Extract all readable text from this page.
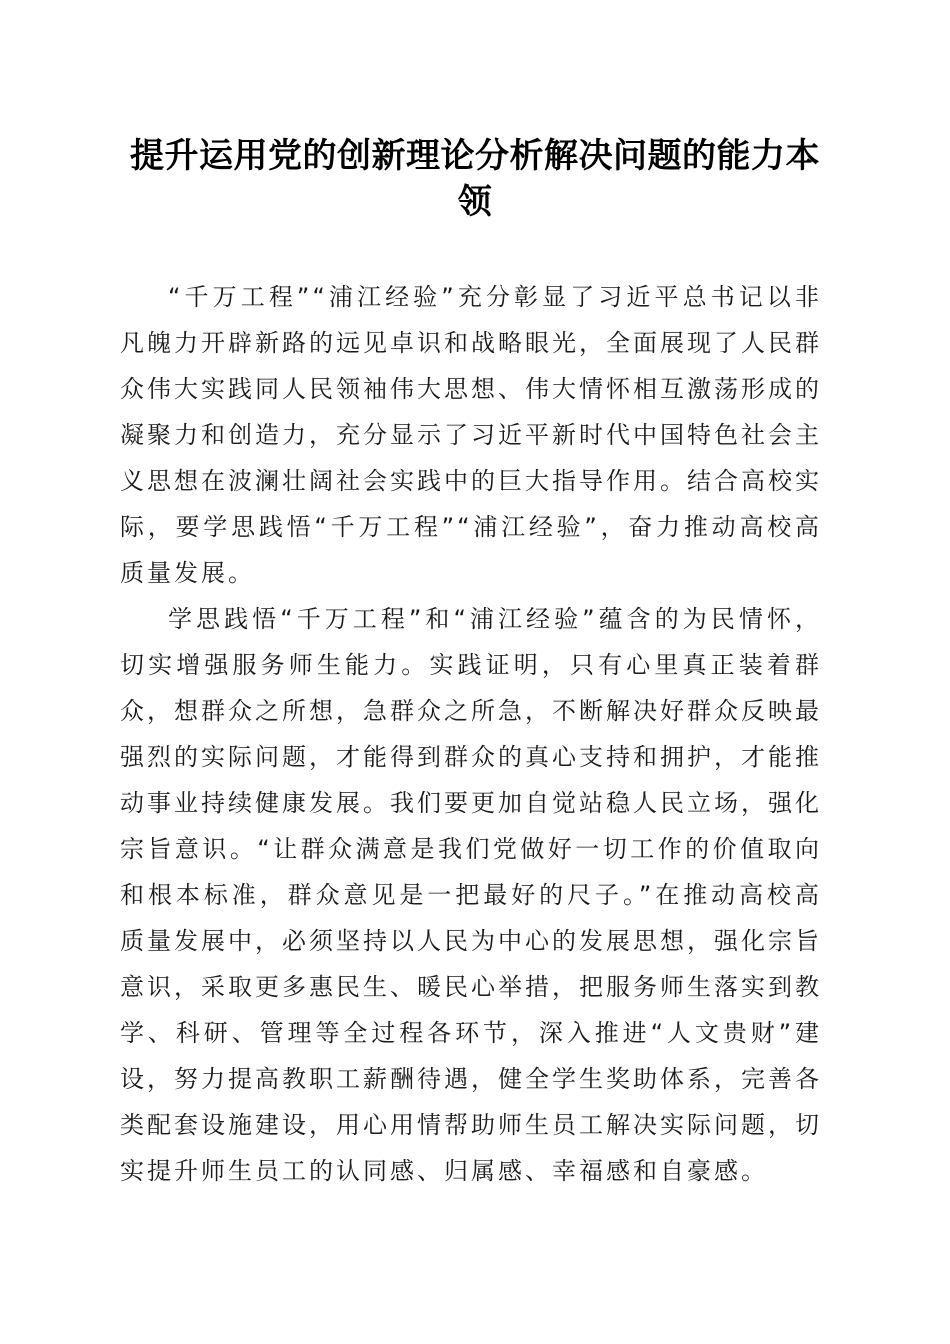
提升运用党的创新理论分析解决问题的能力本领

“千万工程”“浦江经验”充分彰显了习近平总书记以非凡魄力开辟新路的远见卓识和战略眼光，全面展现了人民群众伟大实践同人民领袖伟大思想、伟大情怀相互激荡形成的凝聚力和创造力，充分显示了习近平新时代中国特色社会主义思想在波澜壮阔社会实践中的巨大指导作用。结合高校实际，要学思践悟“千万工程”“浦江经验”，奋力推动高校高质量发展。

学思践悟“千万工程”和“浦江经验”蕴含的为民情怀，切实增强服务师生能力。实践证明，只有心里真正装着群众，想群众之所想，急群众之所急，不断解决好群众反映最强烈的实际问题，才能得到群众的真心支持和拥护，才能推动事业持续健康发展。我们要更加自觉站稳人民立场，强化宗旨意识。“让群众满意是我们党做好一切工作的价值取向和根本标准，群众意见是一把最好的尺子。”在推动高校高质量发展中，必须坚持以人民为中心的发展思想，强化宗旨意识，采取更多惠民生、暖民心举措，把服务师生落实到教学、科研、管理等全过程各环节，深入推进“人文贵财”建设，努力提高教职工薪酬待遇，健全学生奖助体系，完善各类配套设施建设，用心用情帮助师生员工解决实际问题，切实提升师生员工的认同感、归属感、幸福感和自豪感。
